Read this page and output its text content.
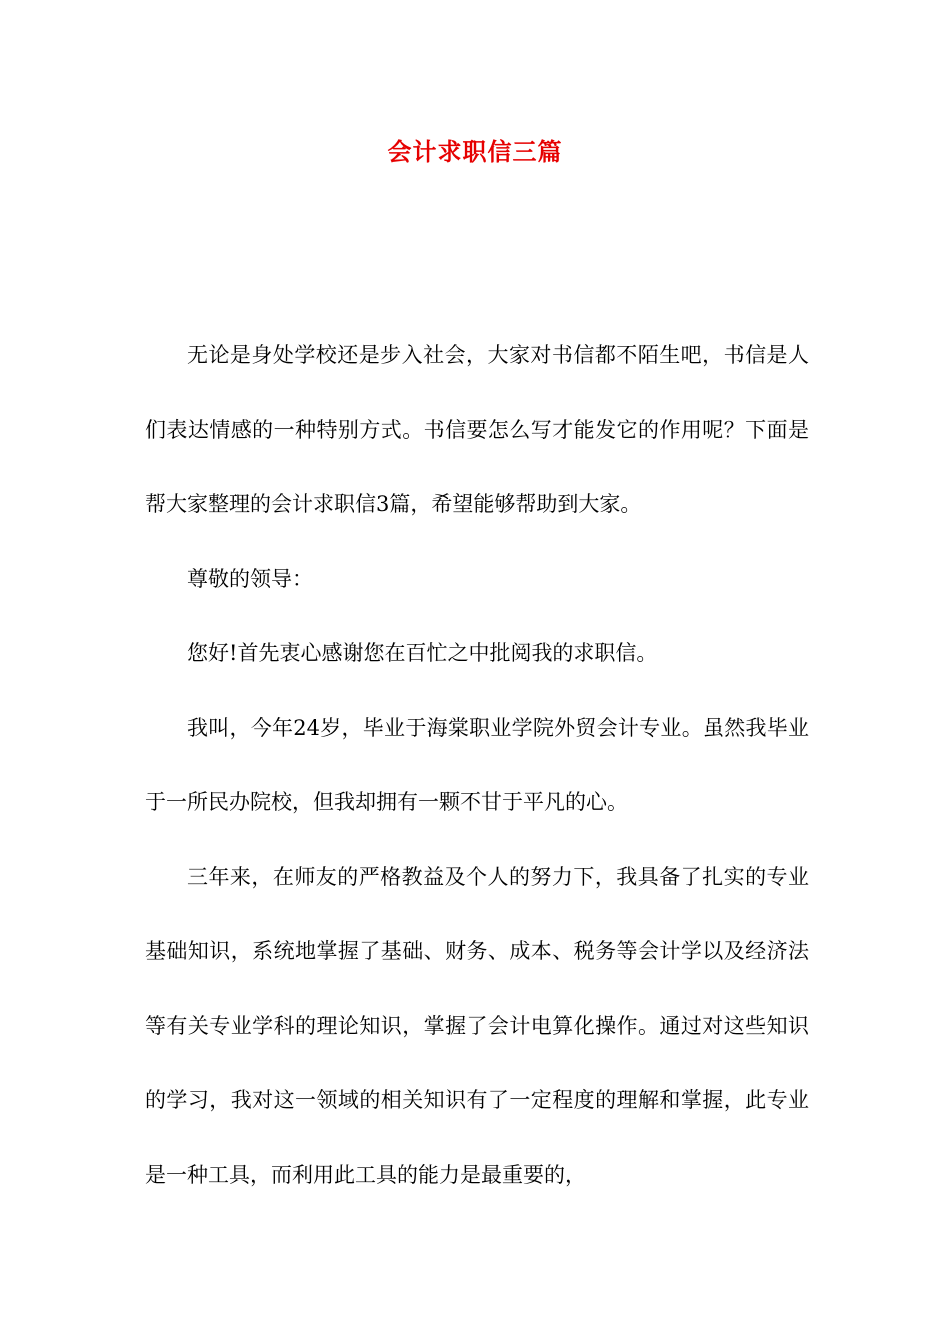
会计求职信三篇

无论是身处学校还是步入社会，大家对书信都不陌生吧，书信是人们表达情感的一种特别方式。书信要怎么写才能发它的作用呢？下面是帮大家整理的会计求职信3篇，希望能够帮助到大家。

尊敬的领导：

您好!首先衷心感谢您在百忙之中批阅我的求职信。

我叫，今年24岁，毕业于海棠职业学院外贸会计专业。虽然我毕业于一所民办院校，但我却拥有一颗不甘于平凡的心。

三年来，在师友的严格教益及个人的努力下，我具备了扎实的专业基础知识，系统地掌握了基础、财务、成本、税务等会计学以及经济法等有关专业学科的理论知识，掌握了会计电算化操作。通过对这些知识的学习，我对这一领域的相关知识有了一定程度的理解和掌握，此专业是一种工具，而利用此工具的能力是最重要的，
